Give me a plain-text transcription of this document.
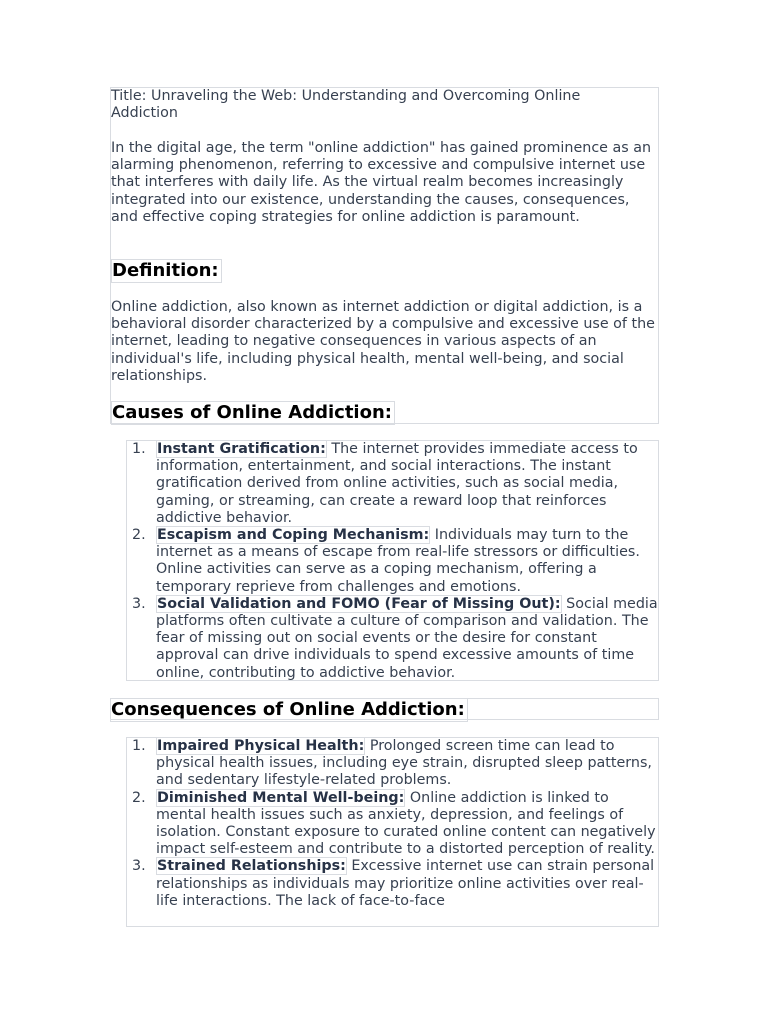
Title: Unraveling the Web: Understanding and Overcoming Online Addiction

In the digital age, the term "online addiction" has gained prominence as an alarming phenomenon, referring to excessive and compulsive internet use that interferes with daily life. As the virtual realm becomes increasingly integrated into our existence, understanding the causes, consequences, and effective coping strategies for online addiction is paramount.

Definition:

Online addiction, also known as internet addiction or digital addiction, is a behavioral disorder characterized by a compulsive and excessive use of the internet, leading to negative consequences in various aspects of an individual's life, including physical health, mental well-being, and social relationships.

Causes of Online Addiction:
1. Instant Gratification: The internet provides immediate access to information, entertainment, and social interactions. The instant gratification derived from online activities, such as social media, gaming, or streaming, can create a reward loop that reinforces addictive behavior.
2. Escapism and Coping Mechanism: Individuals may turn to the internet as a means of escape from real-life stressors or difficulties. Online activities can serve as a coping mechanism, offering a temporary reprieve from challenges and emotions.
3. Social Validation and FOMO (Fear of Missing Out): Social media platforms often cultivate a culture of comparison and validation. The fear of missing out on social events or the desire for constant approval can drive individuals to spend excessive amounts of time online, contributing to addictive behavior.
Consequences of Online Addiction:
1. Impaired Physical Health: Prolonged screen time can lead to physical health issues, including eye strain, disrupted sleep patterns, and sedentary lifestyle-related problems.
2. Diminished Mental Well-being: Online addiction is linked to mental health issues such as anxiety, depression, and feelings of isolation. Constant exposure to curated online content can negatively impact self-esteem and contribute to a distorted perception of reality.
3. Strained Relationships: Excessive internet use can strain personal relationships as individuals may prioritize online activities over real-life interactions. The lack of face-to-face
